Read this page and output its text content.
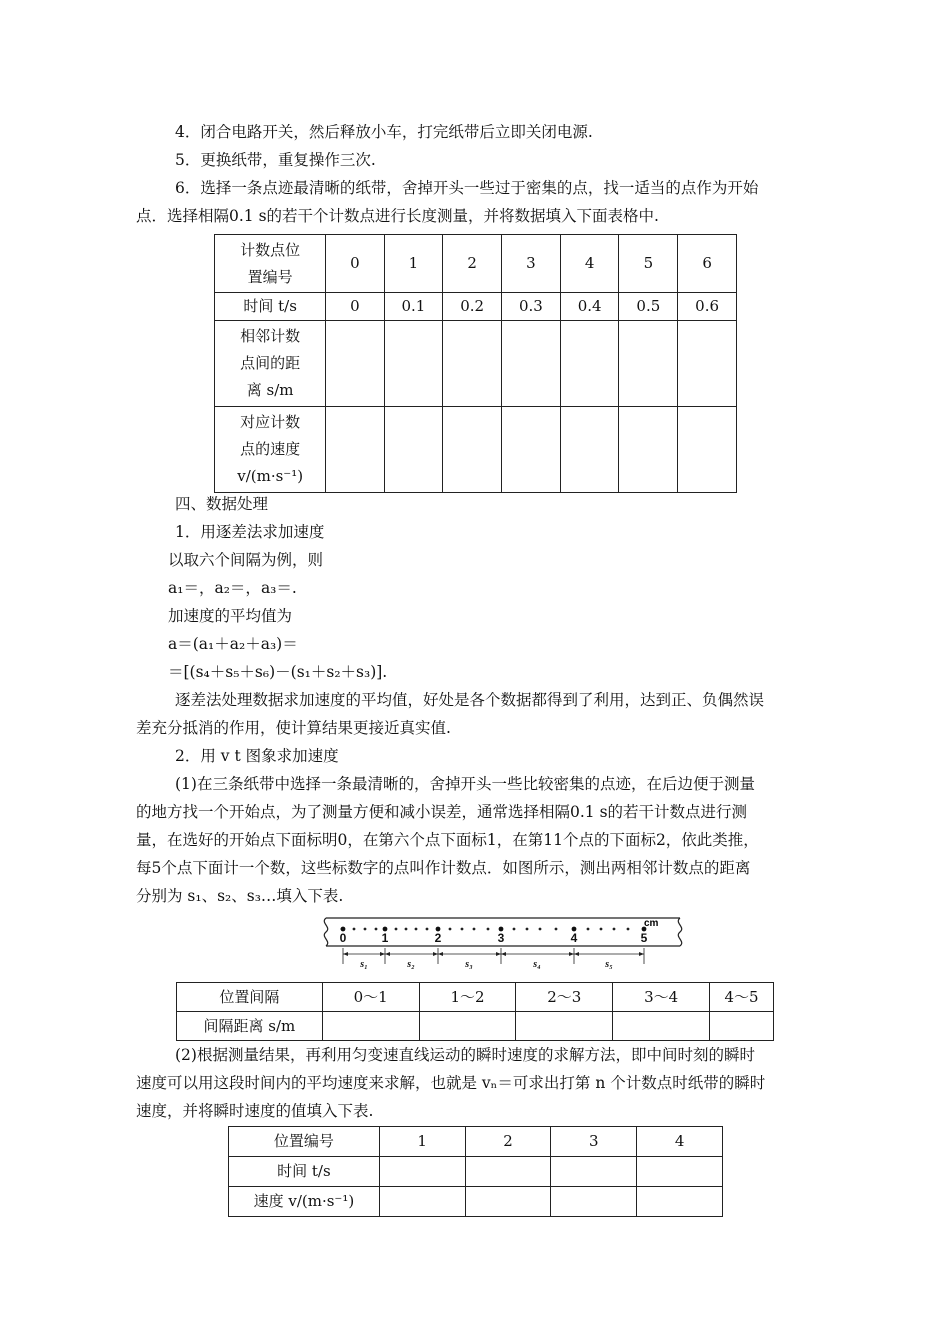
4．闭合电路开关，然后释放小车，打完纸带后立即关闭电源.
5．更换纸带，重复操作三次.
6．选择一条点迹最清晰的纸带，舍掉开头一些过于密集的点，找一适当的点作为开始
点．选择相隔0.1 s的若干个计数点进行长度测量，并将数据填入下面表格中.
计数点位
置编号	0	1	2	3	4	5	6
时间 t/s	0	0.1	0.2	0.3	0.4	0.5	0.6

相邻计数
点间的距
离 s/m							

对应计数
点的速度
v/(m·s⁻¹)							

四、数据处理
1．用逐差法求加速度
以取六个间隔为例，则
a₁＝，a₂＝，a₃＝.
加速度的平均值为
a＝(a₁＋a₂＋a₃)＝
＝[(s₄＋s₅＋s₆)－(s₁＋s₂＋s₃)].
逐差法处理数据求加速度的平均值，好处是各个数据都得到了利用，达到正、负偶然误
差充分抵消的作用，使计算结果更接近真实值.
2．用 v t 图象求加速度
(1)在三条纸带中选择一条最清晰的，舍掉开头一些比较密集的点迹，在后边便于测量
的地方找一个开始点，为了测量方便和减小误差，通常选择相隔0.1 s的若干计数点进行测
量，在选好的开始点下面标明0，在第六个点下面标1，在第11个点的下面标2，依此类推，
每5个点下面计一个数，这些标数字的点叫作计数点．如图所示，测出两相邻计数点的距离
分别为 s₁、s₂、s₃…填入下表.
cm
0	1	2	3	4	5
s₁	s₂	s₃	s₄	s₅
位置间隔	0～1	1～2	2～3	3～4	4～5
间隔距离 s/m					
(2)根据测量结果，再利用匀变速直线运动的瞬时速度的求解方法，即中间时刻的瞬时
速度可以用这段时间内的平均速度来求解，也就是 vₙ＝可求出打第 n 个计数点时纸带的瞬时
速度，并将瞬时速度的值填入下表.
位置编号	1	2	3	4
时间 t/s				
速度 v/(m·s⁻¹)				
